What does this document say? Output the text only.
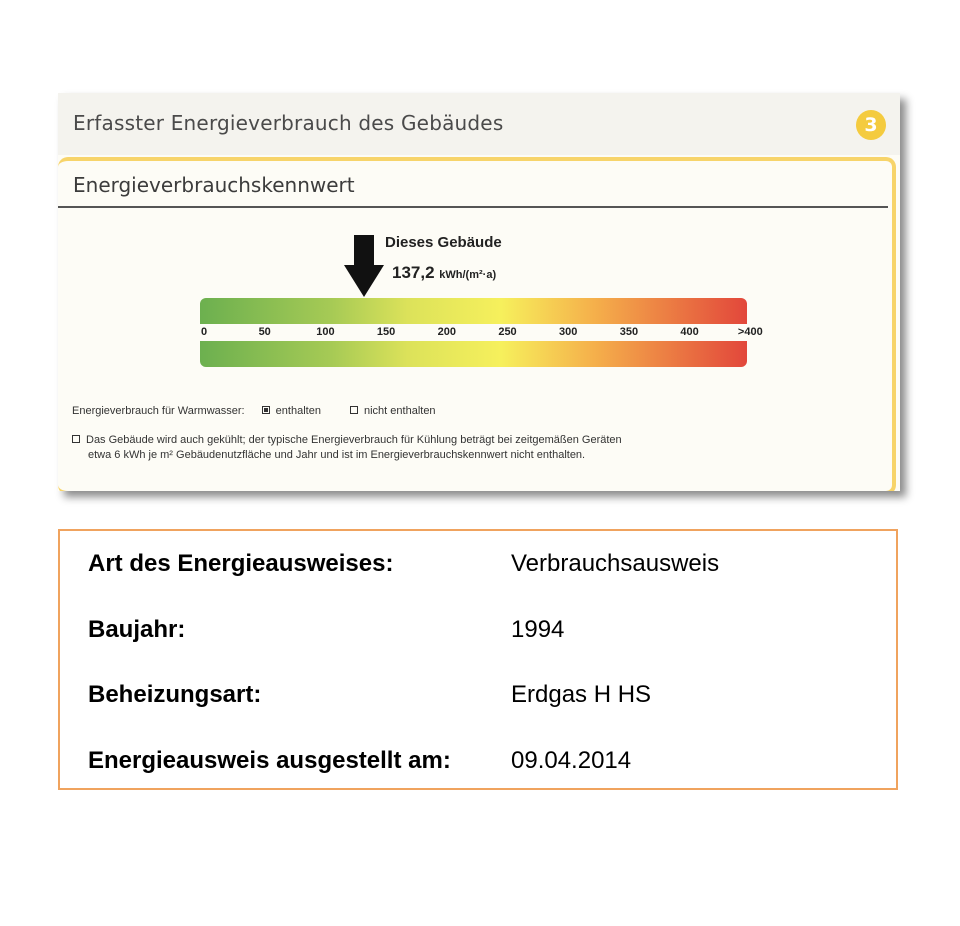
Erfasster Energieverbrauch des Gebäudes	3
Energieverbrauchskennwert
Dieses Gebäude
137,2 kWh/(m²·a)
0	50	100	150	200	250	300	350	400	>400
Energieverbrauch für Warmwasser:	enthalten	nicht enthalten
Das Gebäude wird auch gekühlt; der typische Energieverbrauch für Kühlung beträgt bei zeitgemäßen Geräten
etwa 6 kWh je m² Gebäudenutzfläche und Jahr und ist im Energieverbrauchskennwert nicht enthalten.
Art des Energieausweises:	Verbrauchsausweis
Baujahr:	1994
Beheizungsart:	Erdgas H HS
Energieausweis ausgestellt am:	09.04.2014
